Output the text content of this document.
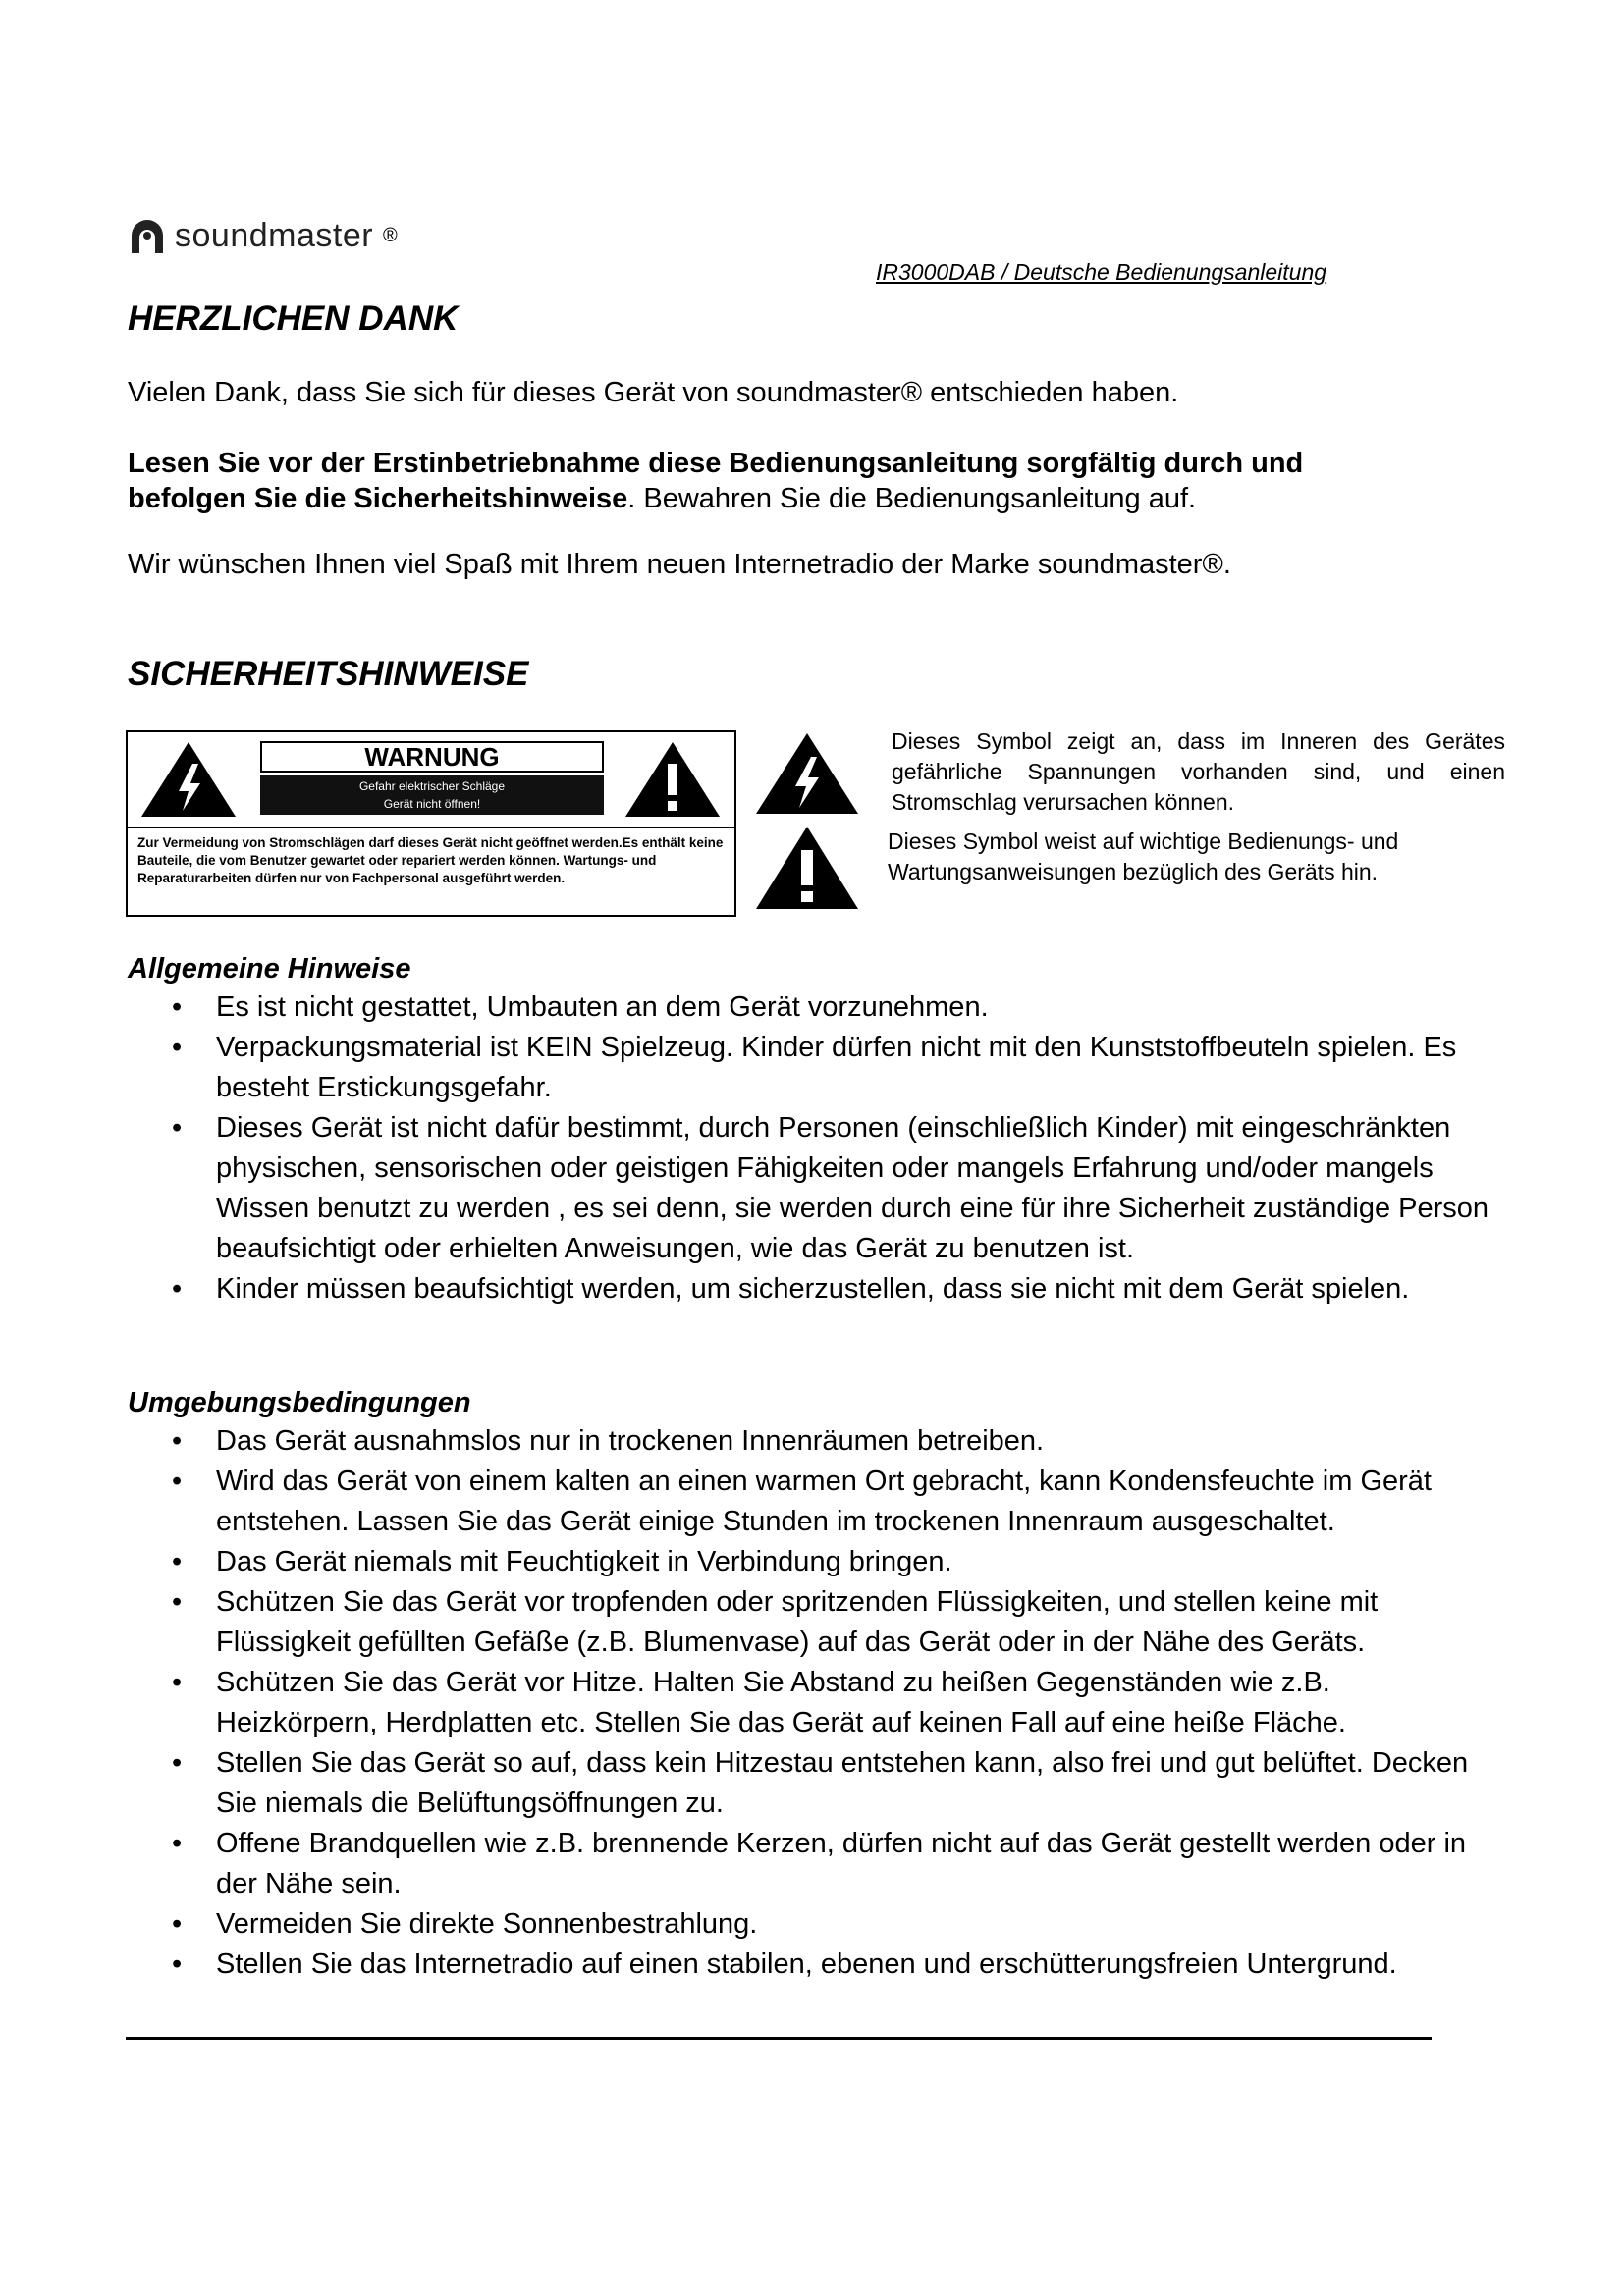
soundmaster ®
IR3000DAB / Deutsche Bedienungsanleitung
HERZLICHEN DANK
Vielen Dank, dass Sie sich für dieses Gerät von soundmaster® entschieden haben.
Lesen Sie vor der Erstinbetriebnahme diese Bedienungsanleitung sorgfältig durch und befolgen Sie die Sicherheitshinweise. Bewahren Sie die Bedienungsanleitung auf.
Wir wünschen Ihnen viel Spaß mit Ihrem neuen Internetradio der Marke soundmaster®.
SICHERHEITSHINWEISE
WARNUNG
Gefahr elektrischer Schläge
Gerät nicht öffnen!
Zur Vermeidung von Stromschlägen darf dieses Gerät nicht geöffnet werden.Es enthält keine Bauteile, die vom Benutzer gewartet oder repariert werden können. Wartungs- und Reparaturarbeiten dürfen nur von Fachpersonal ausgeführt werden.
Dieses Symbol zeigt an, dass im Inneren des Gerätes gefährliche Spannungen vorhanden sind, und einen Stromschlag verursachen können.
Dieses Symbol weist auf wichtige Bedienungs- und Wartungsanweisungen bezüglich des Geräts hin.
Allgemeine Hinweise
• Es ist nicht gestattet, Umbauten an dem Gerät vorzunehmen.
• Verpackungsmaterial ist KEIN Spielzeug. Kinder dürfen nicht mit den Kunststoffbeuteln spielen. Es besteht Erstickungsgefahr.
• Dieses Gerät ist nicht dafür bestimmt, durch Personen (einschließlich Kinder) mit eingeschränkten physischen, sensorischen oder geistigen Fähigkeiten oder mangels Erfahrung und/oder mangels Wissen benutzt zu werden , es sei denn, sie werden durch eine für ihre Sicherheit zuständige Person beaufsichtigt oder erhielten Anweisungen, wie das Gerät zu benutzen ist.
• Kinder müssen beaufsichtigt werden, um sicherzustellen, dass sie nicht mit dem Gerät spielen.
Umgebungsbedingungen
• Das Gerät ausnahmslos nur in trockenen Innenräumen betreiben.
• Wird das Gerät von einem kalten an einen warmen Ort gebracht, kann Kondensfeuchte im Gerät entstehen. Lassen Sie das Gerät einige Stunden im trockenen Innenraum ausgeschaltet.
• Das Gerät niemals mit Feuchtigkeit in Verbindung bringen.
• Schützen Sie das Gerät vor tropfenden oder spritzenden Flüssigkeiten, und stellen keine mit Flüssigkeit gefüllten Gefäße (z.B. Blumenvase) auf das Gerät oder in der Nähe des Geräts.
• Schützen Sie das Gerät vor Hitze. Halten Sie Abstand zu heißen Gegenständen wie z.B. Heizkörpern, Herdplatten etc. Stellen Sie das Gerät auf keinen Fall auf eine heiße Fläche.
• Stellen Sie das Gerät so auf, dass kein Hitzestau entstehen kann, also frei und gut belüftet. Decken Sie niemals die Belüftungsöffnungen zu.
• Offene Brandquellen wie z.B. brennende Kerzen, dürfen nicht auf das Gerät gestellt werden oder in der Nähe sein.
• Vermeiden Sie direkte Sonnenbestrahlung.
• Stellen Sie das Internetradio auf einen stabilen, ebenen und erschütterungsfreien Untergrund.
